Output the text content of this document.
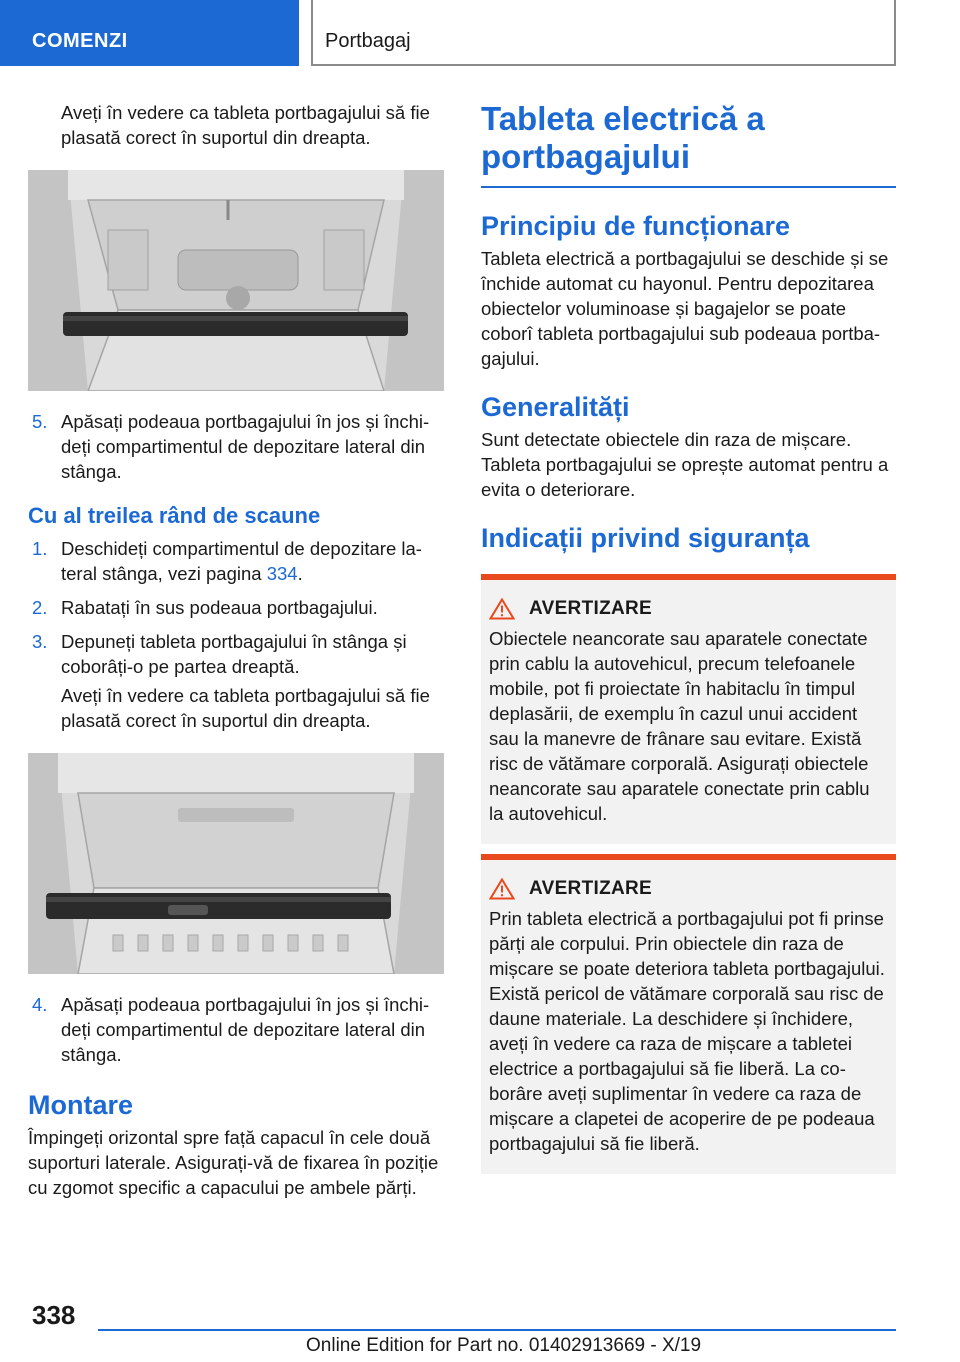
COMENZI	Portbagaj

Aveți în vedere ca tableta portbagajului să fie plasată corect în suportul din dreapta.

5. Apăsați podeaua portbagajului în jos și închideți compartimentul de depozitare lateral din stânga.
Cu al treilea rând de scaune
1. Deschideți compartimentul de depozitare lateral stânga, vezi pagina 334.
2. Rabatați în sus podeaua portbagajului.
3. Depuneți tableta portbagajului în stânga și coborâți-o pe partea dreaptă.

Aveți în vedere ca tableta portbagajului să fie plasată corect în suportul din dreapta.

4. Apăsați podeaua portbagajului în jos și închideți compartimentul de depozitare lateral din stânga.
Montare

Împingeți orizontal spre față capacul în cele două suporturi laterale. Asigurați-vă de fixarea în poziție cu zgomot specific a capacului pe ambele părți.

Tableta electrică a portbagajului
Principiu de funcționare

Tableta electrică a portbagajului se deschide și se închide automat cu hayonul. Pentru depozitarea obiectelor voluminoase și bagajelor se poate coborî tableta portbagajului sub podeaua portbagajului.

Generalități

Sunt detectate obiectele din raza de mișcare. Tableta portbagajului se oprește automat pentru a evita o deteriorare.

Indicații privind siguranța
AVERTIZARE
Obiectele neancorate sau aparatele conectate prin cablu la autovehicul, precum telefoanele mobile, pot fi proiectate în habitaclu în timpul deplasării, de exemplu în cazul unui accident sau la manevre de frânare sau evitare. Există risc de vătămare corporală. Asigurați obiectele neancorate sau aparatele conectate prin cablu la autovehicul.
AVERTIZARE
Prin tableta electrică a portbagajului pot fi prinse părți ale corpului. Prin obiectele din raza de mișcare se poate deteriora tableta portbagajului. Există pericol de vătămare corporală sau risc de daune materiale. La deschidere și închidere, aveți în vedere ca raza de mișcare a tabletei electrice a portbagajului să fie liberă. La coborâre aveți suplimentar în vedere ca raza de mișcare a clapetei de acoperire de pe podeaua portbagajului să fie liberă.
338
Online Edition for Part no. 01402913669 - X/19
